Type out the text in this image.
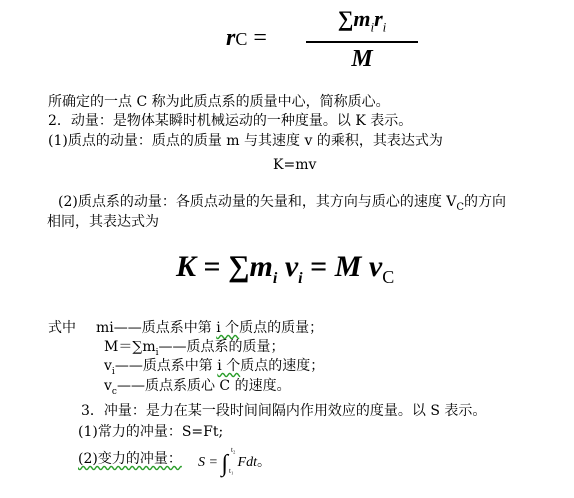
rC =
$\sum m_ir_i$
M
所确定的一点 C 称为此质点系的质量中心，简称质心。
2．动量：是物体某瞬时机械运动的一种度量。以 K 表示。
(1)质点的动量：质点的质量 m 与其速度 v 的乘积，其表达式为
K=mv
(2)质点系的动量：各质点动量的矢量和，其方向与质心的速度 $V_C$的方向
相同，其表达式为
$K = \sum m_i$ $v_i = M$ $v_C$
式中 mi——质点系中第 i 个质点的质量；
$M=\sum m_i——$质点系的质量；
$v_i——$质点系中第 i 个质点的速度；
$v_c——$质点系质心 C 的速度。
3．冲量：是力在某一段时间间隔内作用效应的度量。以 S 表示。
(1)常力的冲量：S=Ft;
(2)变力的冲量： S = ∫
t₂
t₁
Fdt。
